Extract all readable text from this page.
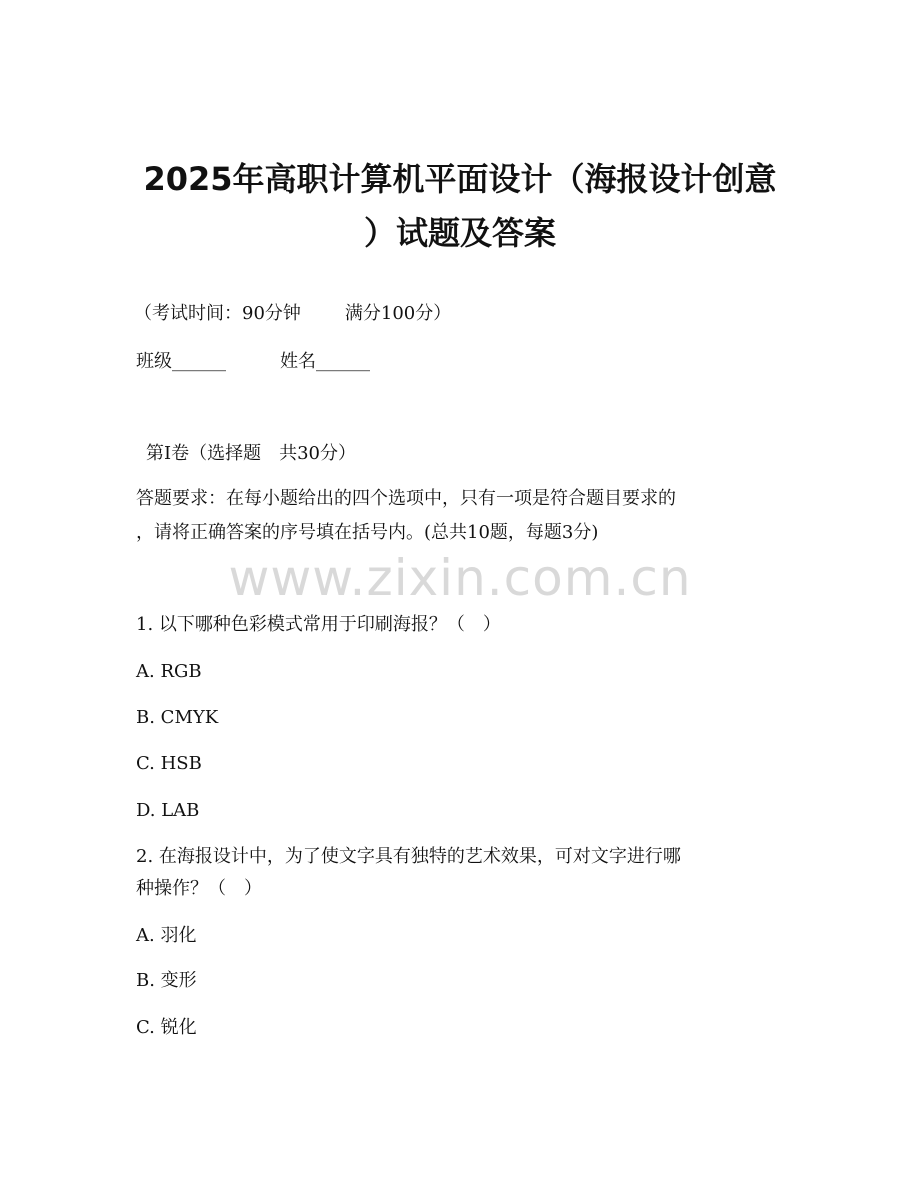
2025年高职计算机平面设计（海报设计创意
）试题及答案
（考试时间：90分钟 满分100分）
班级______	姓名______
第Ⅰ卷（选择题　共30分）
答题要求：在每小题给出的四个选项中，只有一项是符合题目要求的
，请将正确答案的序号填在括号内。(总共10题，每题3分)
www.zixin.com.cn
1. 以下哪种色彩模式常用于印刷海报？（　）
A. RGB
B. CMYK
C. HSB
D. LAB
2. 在海报设计中，为了使文字具有独特的艺术效果，可对文字进行哪
种操作？（　）
A. 羽化
B. 变形
C. 锐化
